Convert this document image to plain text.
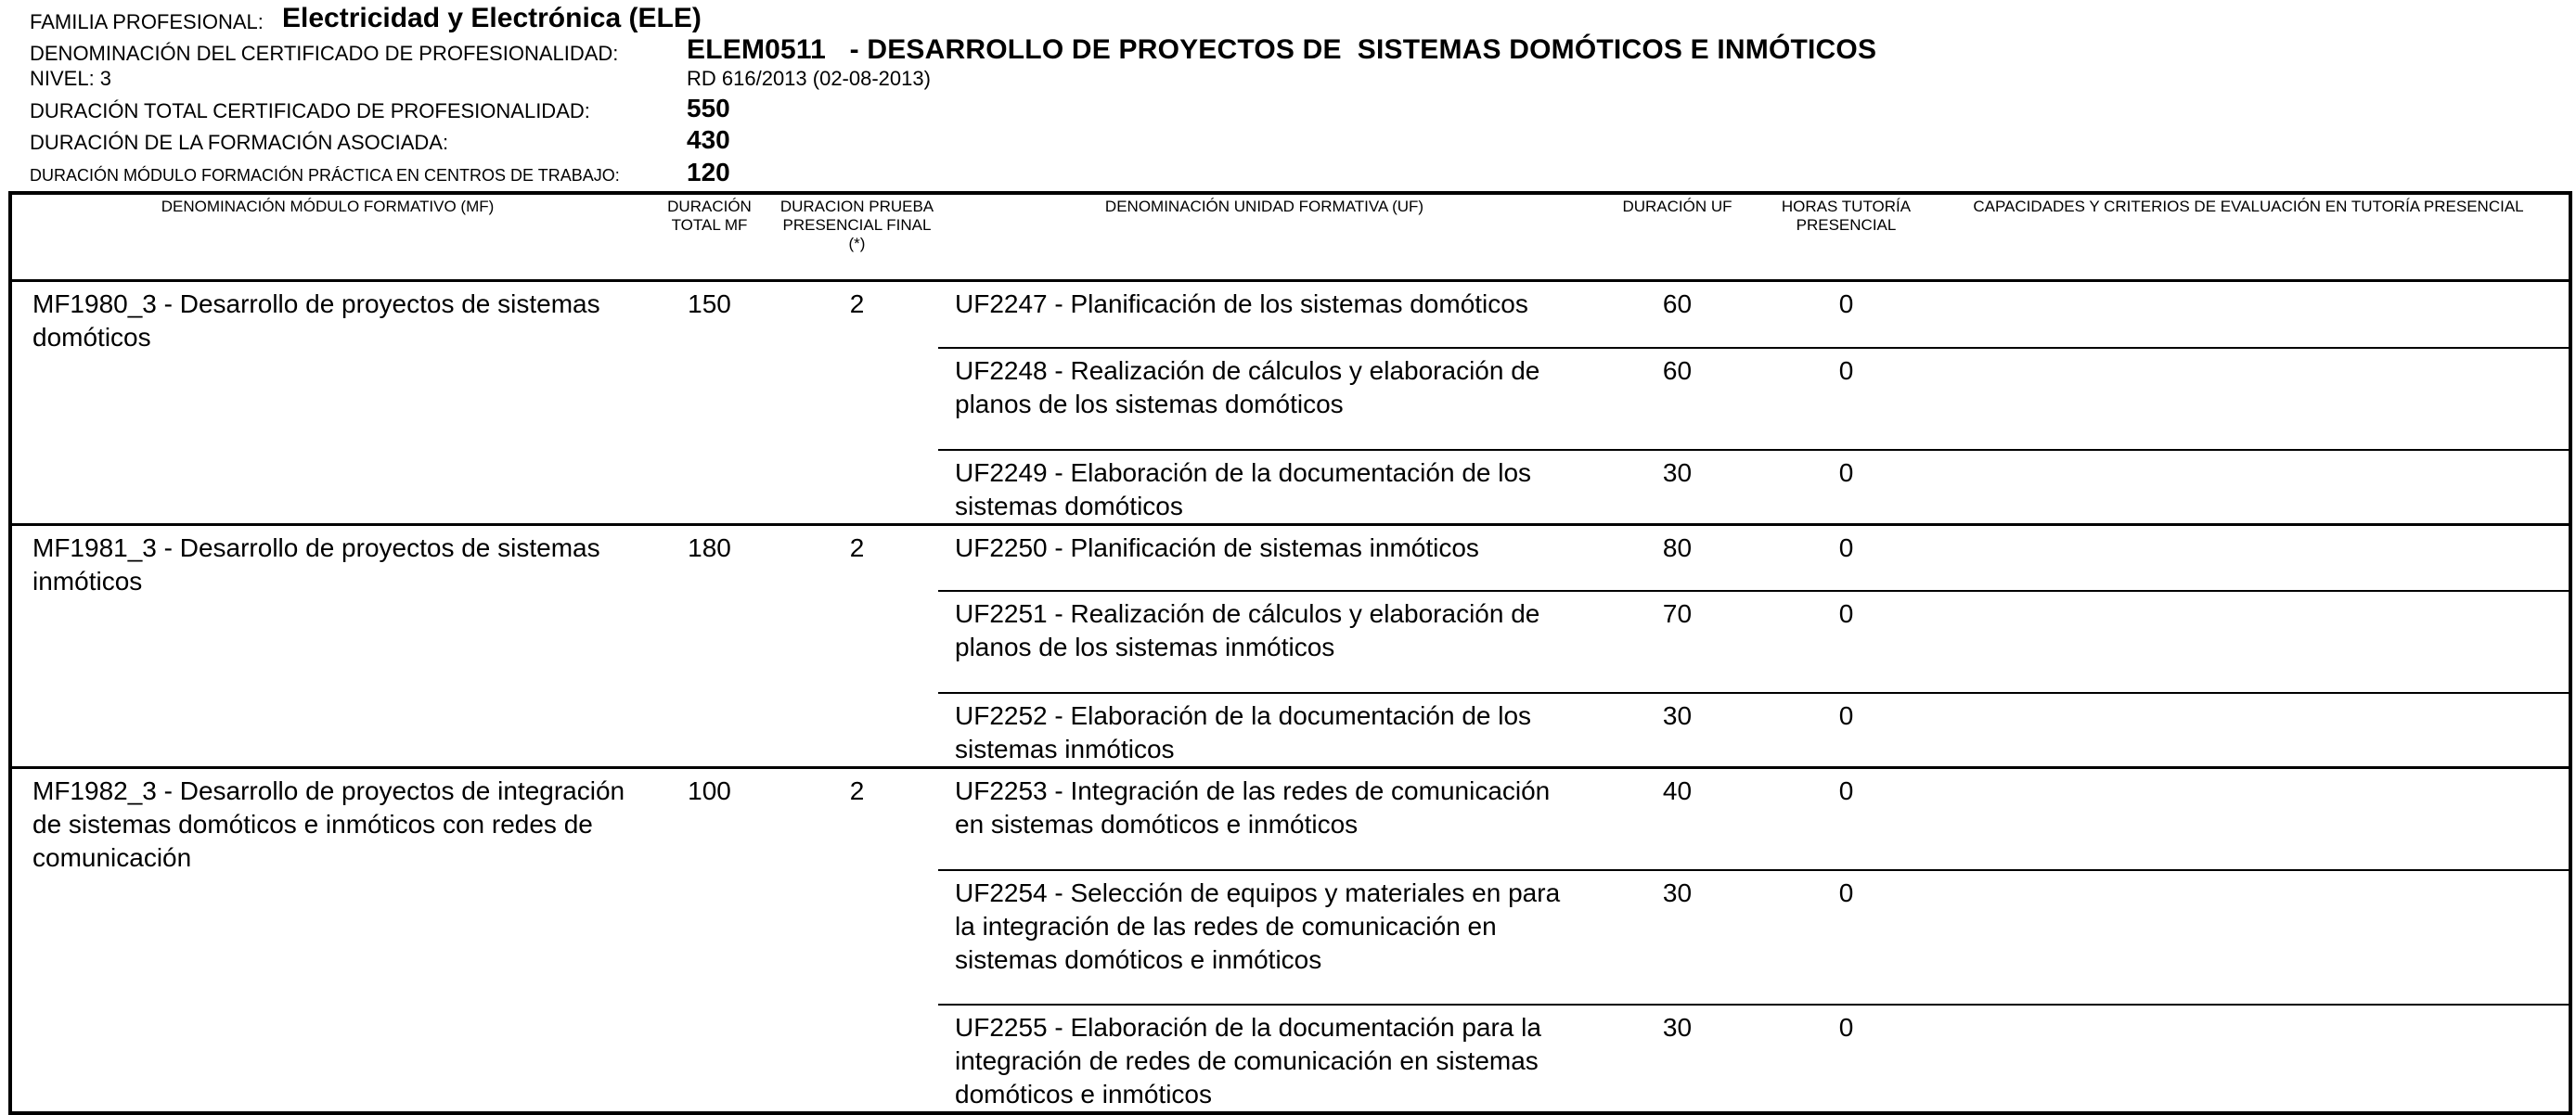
FAMILIA PROFESIONAL: Electricidad y Electrónica (ELE)
DENOMINACIÓN DEL CERTIFICADO DE PROFESIONALIDAD: ELEM0511   - DESARROLLO DE PROYECTOS DE  SISTEMAS DOMÓTICOS E INMÓTICOS
NIVEL: 3	RD 616/2013 (02-08-2013)
DURACIÓN TOTAL CERTIFICADO DE PROFESIONALIDAD:	550
DURACIÓN DE LA FORMACIÓN ASOCIADA:	430
DURACIÓN MÓDULO FORMACIÓN PRÁCTICA EN CENTROS DE TRABAJO:	120
DENOMINACIÓN MÓDULO FORMATIVO (MF)	DURACIÓN TOTAL MF	DURACION PRUEBA PRESENCIAL FINAL (*)	DENOMINACIÓN UNIDAD FORMATIVA (UF)	DURACIÓN UF	HORAS TUTORÍA PRESENCIAL	CAPACIDADES Y CRITERIOS DE EVALUACIÓN EN TUTORÍA PRESENCIAL
MF1980_3 - Desarrollo de proyectos de sistemas domóticos	150	2	UF2247 - Planificación de los sistemas domóticos	60	0	
			UF2248 - Realización de cálculos y elaboración de planos de los sistemas domóticos	60	0	
			UF2249 - Elaboración de la documentación de los sistemas domóticos	30	0	
MF1981_3 - Desarrollo de proyectos de sistemas inmóticos	180	2	UF2250 - Planificación de sistemas inmóticos	80	0	
			UF2251 - Realización de cálculos y elaboración de planos de los sistemas inmóticos	70	0	
			UF2252 - Elaboración de la documentación de los sistemas inmóticos	30	0	
MF1982_3 - Desarrollo de proyectos de integración de sistemas domóticos e inmóticos con redes de comunicación	100	2	UF2253 - Integración de las redes de comunicación en sistemas domóticos e inmóticos	40	0	
			UF2254 - Selección de equipos y materiales en para la integración de las redes de comunicación en sistemas domóticos e inmóticos	30	0	
			UF2255 - Elaboración de la documentación para la integración de redes de comunicación en sistemas domóticos e inmóticos	30	0	
